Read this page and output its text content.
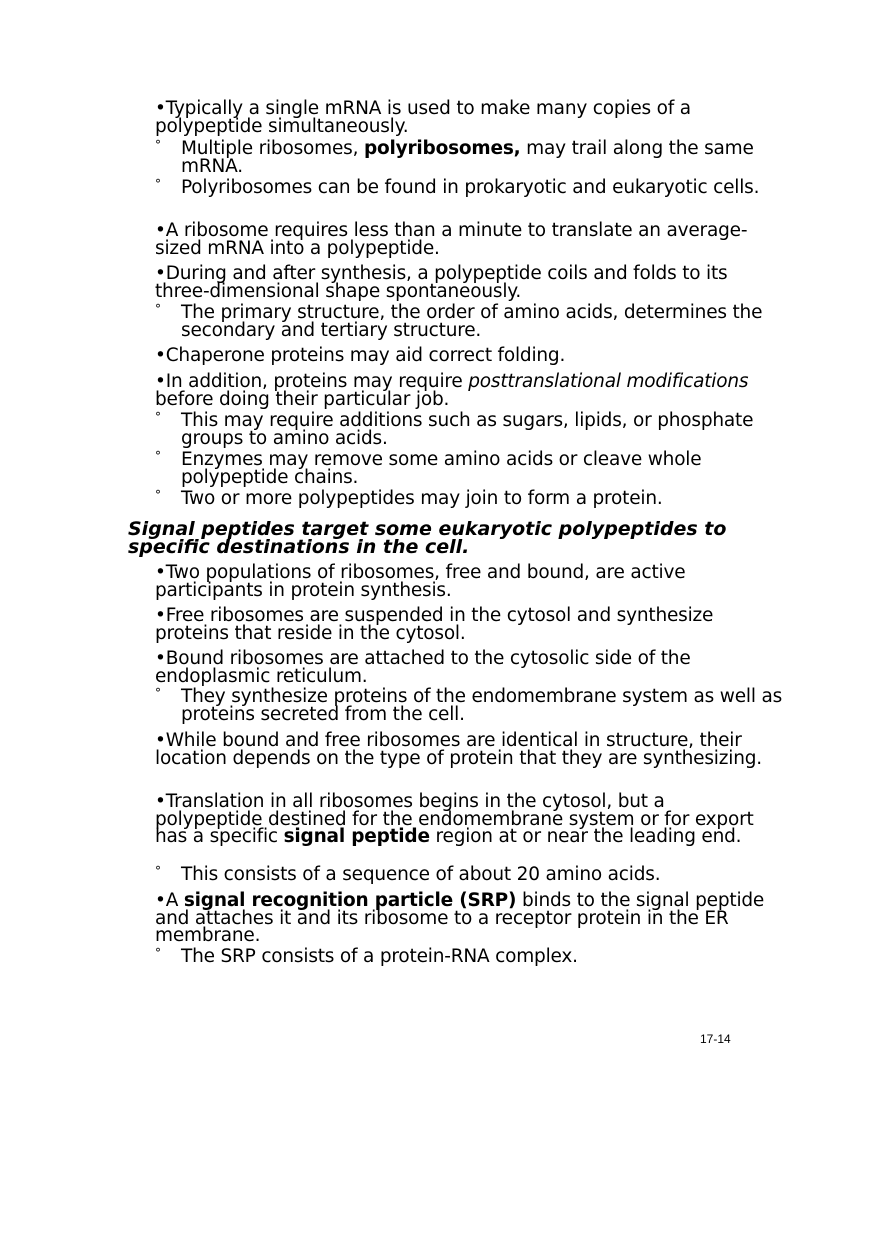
•Typically a single mRNA is used to make many copies of a polypeptide simultaneously.
° Multiple ribosomes, polyribosomes, may trail along the same mRNA.
° Polyribosomes can be found in prokaryotic and eukaryotic cells.
•A ribosome requires less than a minute to translate an average-sized mRNA into a polypeptide.
•During and after synthesis, a polypeptide coils and folds to its three-dimensional shape spontaneously.
° The primary structure, the order of amino acids, determines the secondary and tertiary structure.
•Chaperone proteins may aid correct folding.
•In addition, proteins may require posttranslational modifications before doing their particular job.
° This may require additions such as sugars, lipids, or phosphate groups to amino acids.
° Enzymes may remove some amino acids or cleave whole polypeptide chains.
° Two or more polypeptides may join to form a protein.
Signal peptides target some eukaryotic polypeptides to specific destinations in the cell.
•Two populations of ribosomes, free and bound, are active participants in protein synthesis.
•Free ribosomes are suspended in the cytosol and synthesize proteins that reside in the cytosol.
•Bound ribosomes are attached to the cytosolic side of the endoplasmic reticulum.
° They synthesize proteins of the endomembrane system as well as proteins secreted from the cell.
•While bound and free ribosomes are identical in structure, their location depends on the type of protein that they are synthesizing.
•Translation in all ribosomes begins in the cytosol, but a polypeptide destined for the endomembrane system or for export has a specific signal peptide region at or near the leading end.
° This consists of a sequence of about 20 amino acids.
•A signal recognition particle (SRP) binds to the signal peptide and attaches it and its ribosome to a receptor protein in the ER membrane.
° The SRP consists of a protein-RNA complex.
17-14
